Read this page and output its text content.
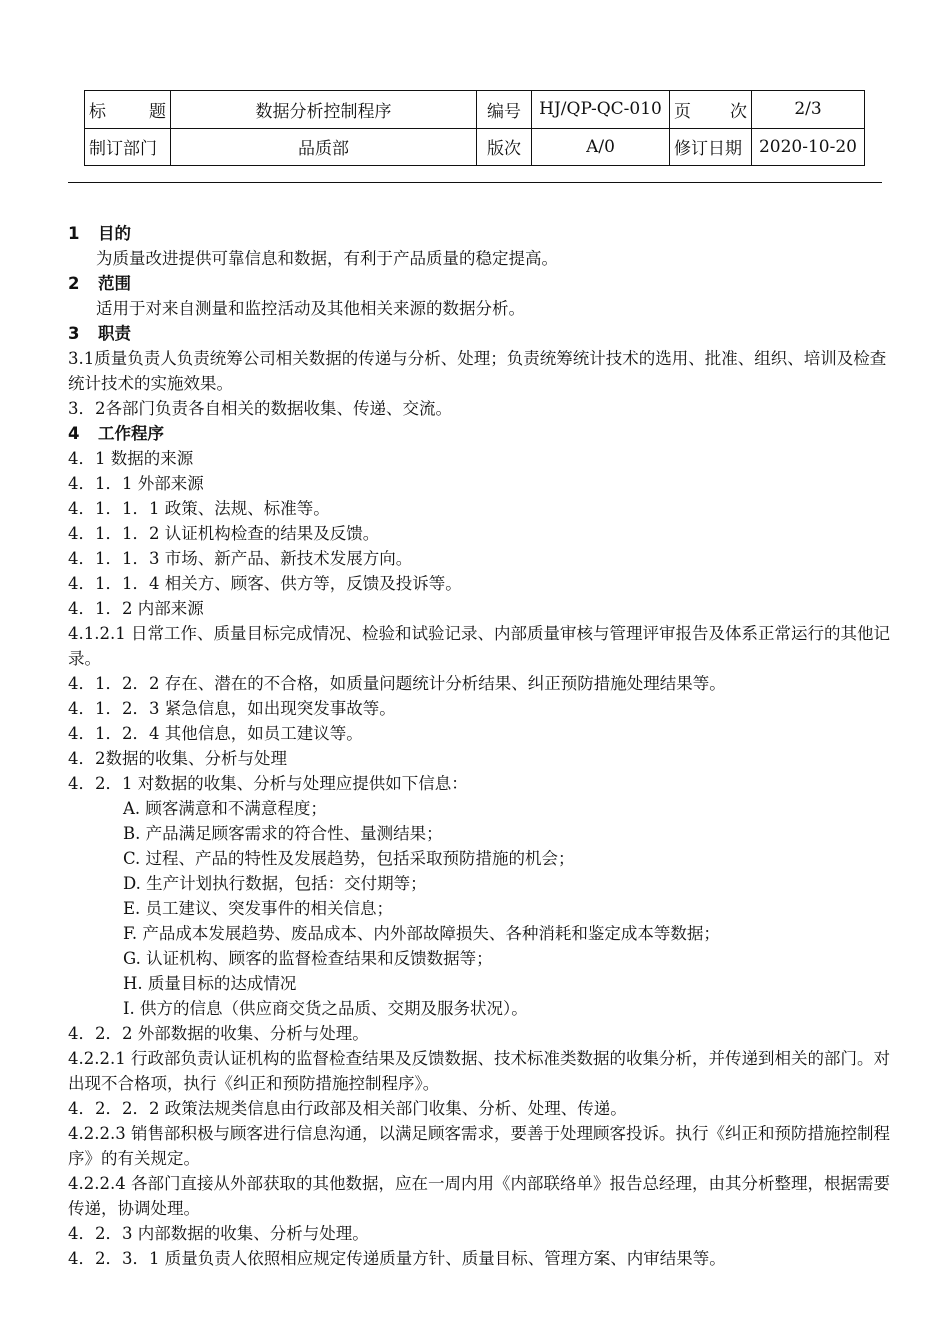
标　　题	数据分析控制程序	编号	HJ/QP-QC-010	页　　次	2/3
制订部门	品质部	版次	A/0	修订日期	2020-10-20
1 目的
为质量改进提供可靠信息和数据，有利于产品质量的稳定提高。
2 范围
适用于对来自测量和监控活动及其他相关来源的数据分析。
3 职责
3.1质量负责人负责统筹公司相关数据的传递与分析、处理；负责统筹统计技术的选用、批准、组织、培训及检查统计技术的实施效果。
3．2各部门负责各自相关的数据收集、传递、交流。
4 工作程序
4．1 数据的来源
4．1．1 外部来源
4．1．1．1 政策、法规、标准等。
4．1．1．2 认证机构检查的结果及反馈。
4．1．1．3 市场、新产品、新技术发展方向。
4．1．1．4 相关方、顾客、供方等，反馈及投诉等。
4．1．2 内部来源
4.1.2.1 日常工作、质量目标完成情况、检验和试验记录、内部质量审核与管理评审报告及体系正常运行的其他记录。
4．1．2．2 存在、潜在的不合格，如质量问题统计分析结果、纠正预防措施处理结果等。
4．1．2．3 紧急信息，如出现突发事故等。
4．1．2．4 其他信息，如员工建议等。
4．2数据的收集、分析与处理
4．2．1 对数据的收集、分析与处理应提供如下信息：
A. 顾客满意和不满意程度；
B. 产品满足顾客需求的符合性、量测结果；
C. 过程、产品的特性及发展趋势，包括采取预防措施的机会；
D. 生产计划执行数据，包括：交付期等；
E. 员工建议、突发事件的相关信息；
F. 产品成本发展趋势、废品成本、内外部故障损失、各种消耗和鉴定成本等数据；
G. 认证机构、顾客的监督检查结果和反馈数据等；
H. 质量目标的达成情况
I. 供方的信息（供应商交货之品质、交期及服务状况）。
4．2．2 外部数据的收集、分析与处理。
4.2.2.1 行政部负责认证机构的监督检查结果及反馈数据、技术标准类数据的收集分析，并传递到相关的部门。对出现不合格项，执行《纠正和预防措施控制程序》。
4．2．2．2 政策法规类信息由行政部及相关部门收集、分析、处理、传递。
4.2.2.3 销售部积极与顾客进行信息沟通，以满足顾客需求，要善于处理顾客投诉。执行《纠正和预防措施控制程序》的有关规定。
4.2.2.4 各部门直接从外部获取的其他数据，应在一周内用《内部联络单》报告总经理，由其分析整理，根据需要传递，协调处理。
4．2．3 内部数据的收集、分析与处理。
4．2．3．1 质量负责人依照相应规定传递质量方针、质量目标、管理方案、内审结果等。
